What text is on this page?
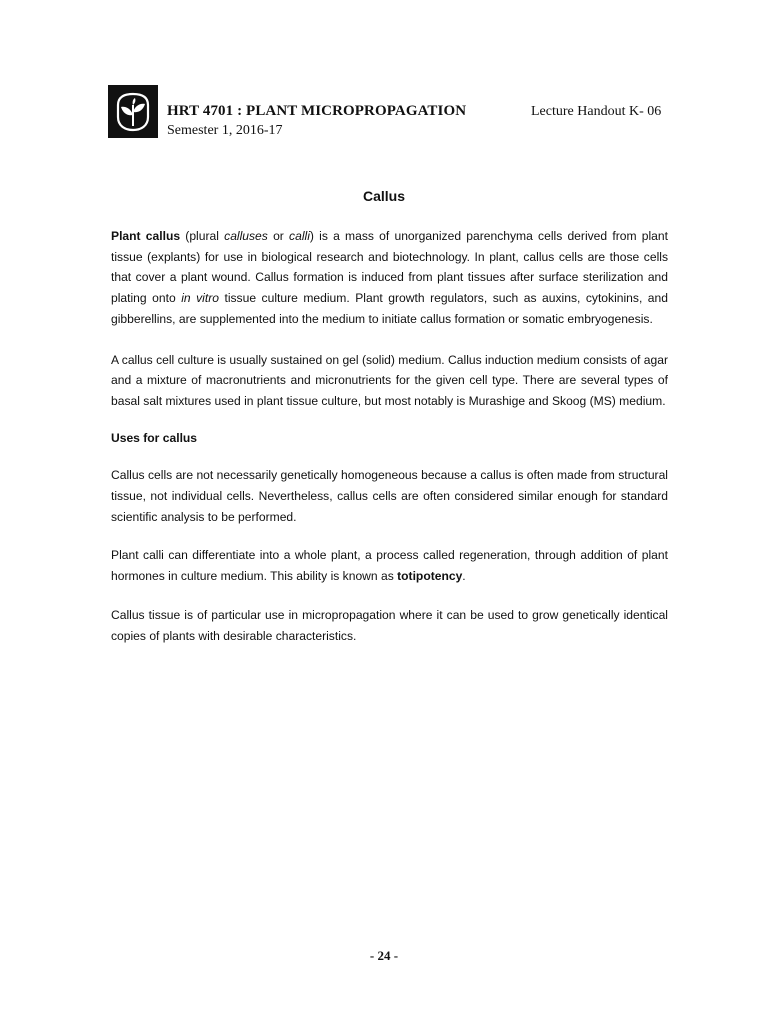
HRT 4701 : PLANT MICROPROPAGATION	Lecture Handout K- 06
Semester 1, 2016-17
Callus

Plant callus (plural calluses or calli) is a mass of unorganized parenchyma cells derived from plant tissue (explants) for use in biological research and biotechnology. In plant, callus cells are those cells that cover a plant wound. Callus formation is induced from plant tissues after surface sterilization and plating onto in vitro tissue culture medium. Plant growth regulators, such as auxins, cytokinins, and gibberellins, are supplemented into the medium to initiate callus formation or somatic embryogenesis.

A callus cell culture is usually sustained on gel (solid) medium. Callus induction medium consists of agar and a mixture of macronutrients and micronutrients for the given cell type. There are several types of basal salt mixtures used in plant tissue culture, but most notably is Murashige and Skoog (MS) medium.

Uses for callus

Callus cells are not necessarily genetically homogeneous because a callus is often made from structural tissue, not individual cells. Nevertheless, callus cells are often considered similar enough for standard scientific analysis to be performed.

Plant calli can differentiate into a whole plant, a process called regeneration, through addition of plant hormones in culture medium. This ability is known as totipotency.

Callus tissue is of particular use in micropropagation where it can be used to grow genetically identical copies of plants with desirable characteristics.

- 24 -
